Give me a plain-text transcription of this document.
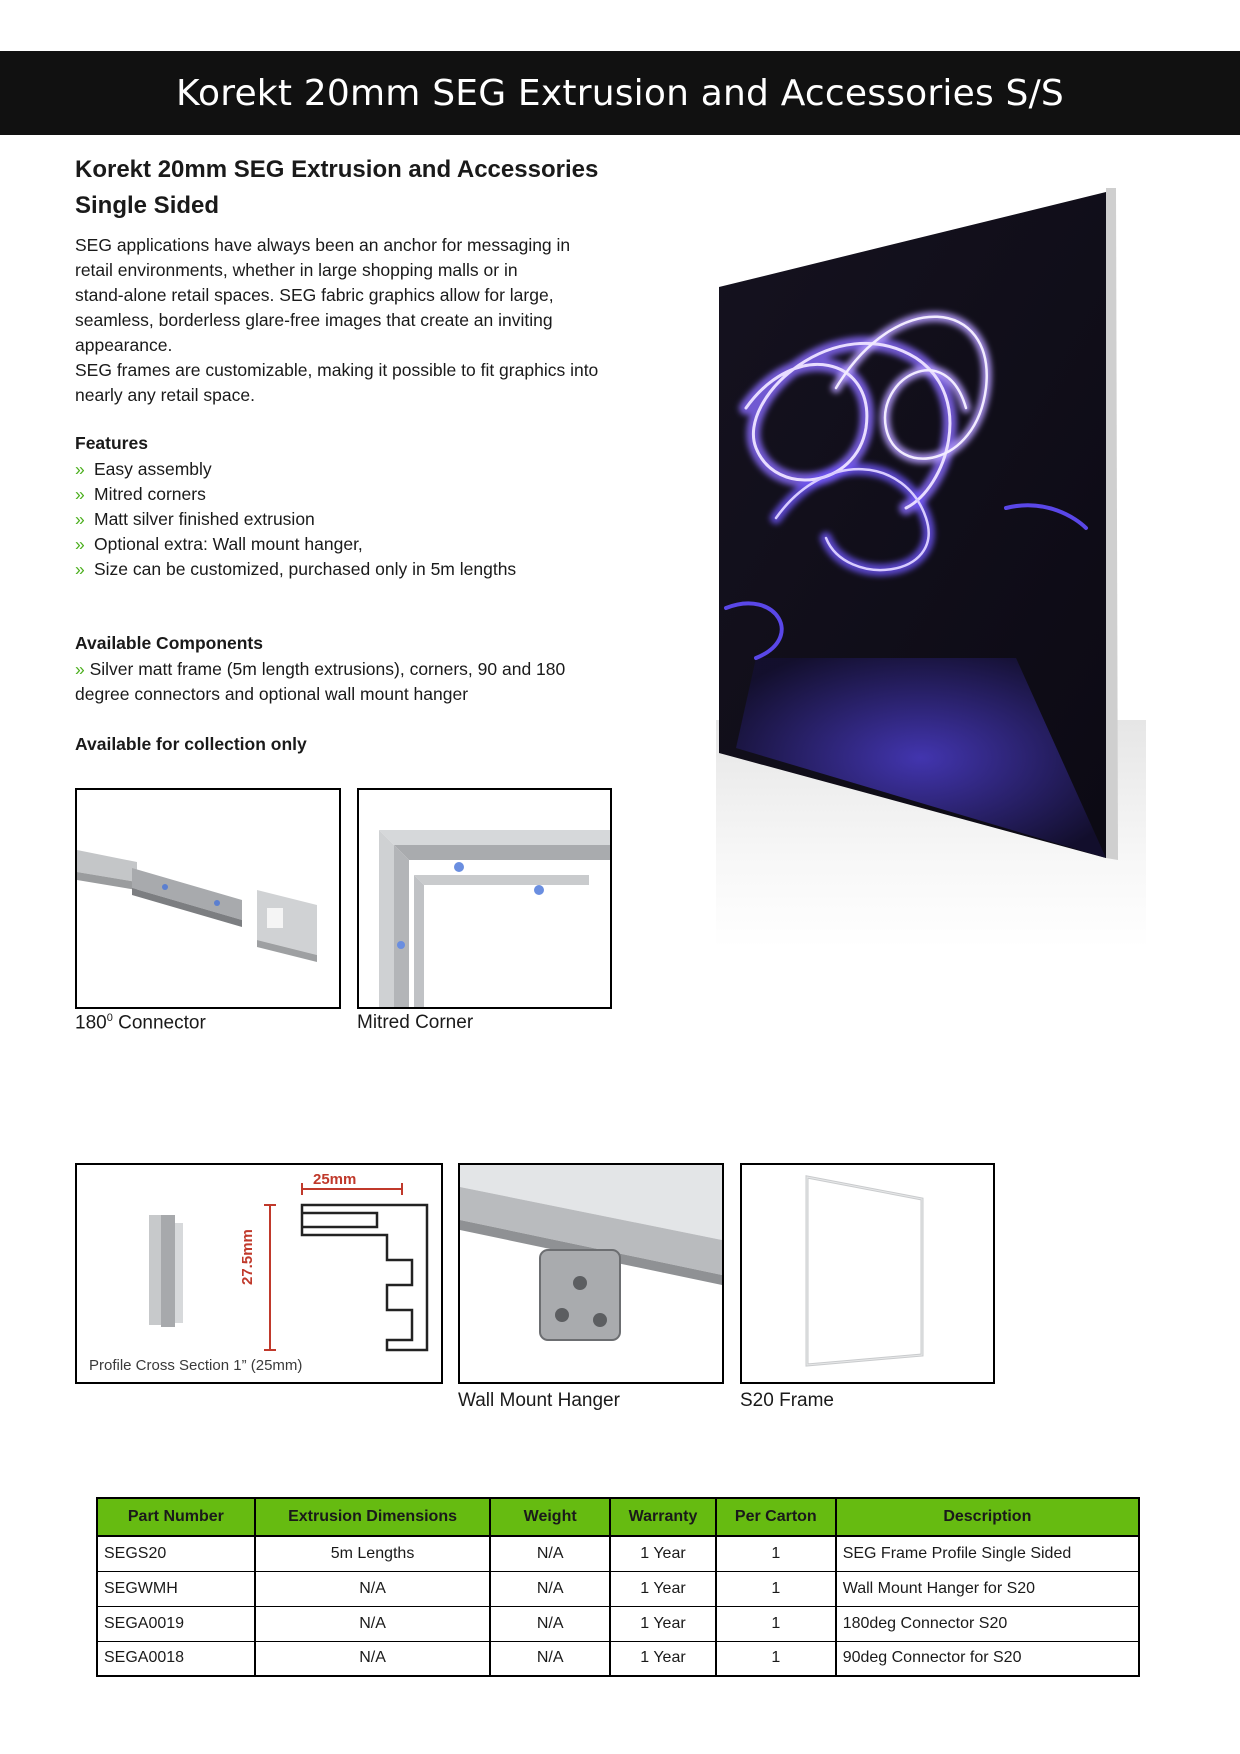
Korekt 20mm SEG Extrusion and Accessories S/S
Korekt 20mm SEG Extrusion and Accessories
Single Sided

SEG applications have always been an anchor for messaging in

retail environments, whether in large shopping malls or in

stand-alone retail spaces. SEG fabric graphics allow for large,

seamless, borderless glare-free images that create an inviting

appearance.

SEG frames are customizable, making it possible to fit graphics into

nearly any retail space.

Features
» Easy assembly
» Mitred corners
» Matt silver finished extrusion
» Optional extra: Wall mount hanger,
» Size can be customized, purchased only in 5m lengths
Available Components
» Silver matt frame (5m length extrusions), corners, 90 and 180
degree connectors and optional wall mount hanger
Available for collection only
$180^0$ Connector	Mitred Corner
25mm
27.5mm
Profile Cross Section 1” (25mm)
Wall Mount Hanger	S20 Frame
Part Number	Extrusion Dimensions	Weight	Warranty	Per Carton	Description
SEGS20	5m Lengths	N/A	1 Year	1	SEG Frame Profile Single Sided
SEGWMH	N/A	N/A	1 Year	1	Wall Mount Hanger for S20
SEGA0019	N/A	N/A	1 Year	1	180deg Connector S20
SEGA0018	N/A	N/A	1 Year	1	90deg Connector for S20
